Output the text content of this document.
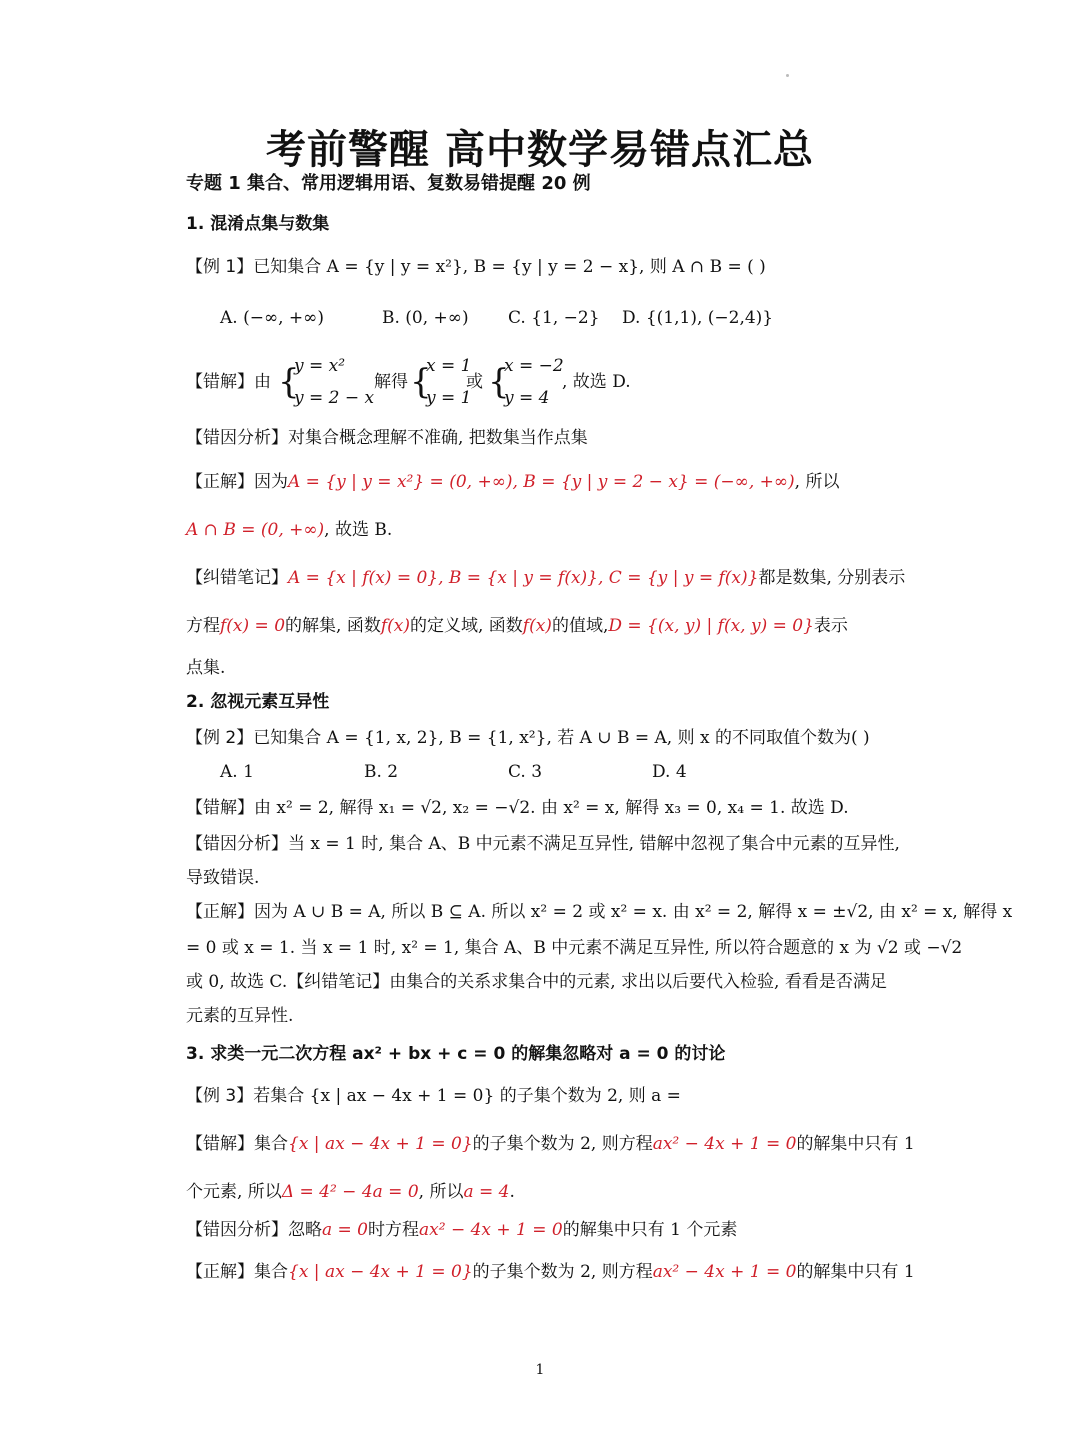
考前警醒 高中数学易错点汇总
专题 1 集合、常用逻辑用语、复数易错提醒 20 例
1. 混淆点集与数集
【例 1】已知集合 A = {y | y = x²}, B = {y | y = 2 − x}, 则 A ∩ B = ( )
A. (−∞, +∞)	B. (0, +∞) C. {1, −2} D. {(1,1), (−2,4)}
【错解】由 {
y = x²
y = 2 − x
解得 {
x = 1
y = 1
或 {
x = −2
y = 4
, 故选 D.
【错因分析】对集合概念理解不准确, 把数集当作点集
【正解】因为A = {y | y = x²} = (0, +∞), B = {y | y = 2 − x} = (−∞, +∞), 所以
A ∩ B = (0, +∞), 故选 B.
【纠错笔记】A = {x | f(x) = 0}, B = {x | y = f(x)}, C = {y | y = f(x)}都是数集, 分别表示
方程f(x) = 0的解集, 函数f(x)的定义域, 函数f(x)的值域,D = {(x, y) | f(x, y) = 0}表示
点集.
2. 忽视元素互异性
【例 2】已知集合 A = {1, x, 2}, B = {1, x²}, 若 A ∪ B = A, 则 x 的不同取值个数为( )
A. 1	B. 2	C. 3	D. 4
【错解】由 x² = 2, 解得 x₁ = √2, x₂ = −√2. 由 x² = x, 解得 x₃ = 0, x₄ = 1. 故选 D.
【错因分析】当 x = 1 时, 集合 A、B 中元素不满足互异性, 错解中忽视了集合中元素的互异性,
导致错误.
【正解】因为 A ∪ B = A, 所以 B ⊆ A. 所以 x² = 2 或 x² = x. 由 x² = 2, 解得 x = ±√2, 由 x² = x, 解得 x
= 0 或 x = 1. 当 x = 1 时, x² = 1, 集合 A、B 中元素不满足互异性, 所以符合题意的 x 为 √2 或 −√2
或 0, 故选 C.【纠错笔记】由集合的关系求集合中的元素, 求出以后要代入检验, 看看是否满足
元素的互异性.
3. 求类一元二次方程 ax² + bx + c = 0 的解集忽略对 a = 0 的讨论
【例 3】若集合 {x | ax − 4x + 1 = 0} 的子集个数为 2, 则 a =
【错解】集合{x | ax − 4x + 1 = 0}的子集个数为 2, 则方程ax² − 4x + 1 = 0的解集中只有 1
个元素, 所以Δ = 4² − 4a = 0, 所以a = 4.
【错因分析】忽略a = 0时方程ax² − 4x + 1 = 0的解集中只有 1 个元素
【正解】集合{x | ax − 4x + 1 = 0}的子集个数为 2, 则方程ax² − 4x + 1 = 0的解集中只有 1
1
